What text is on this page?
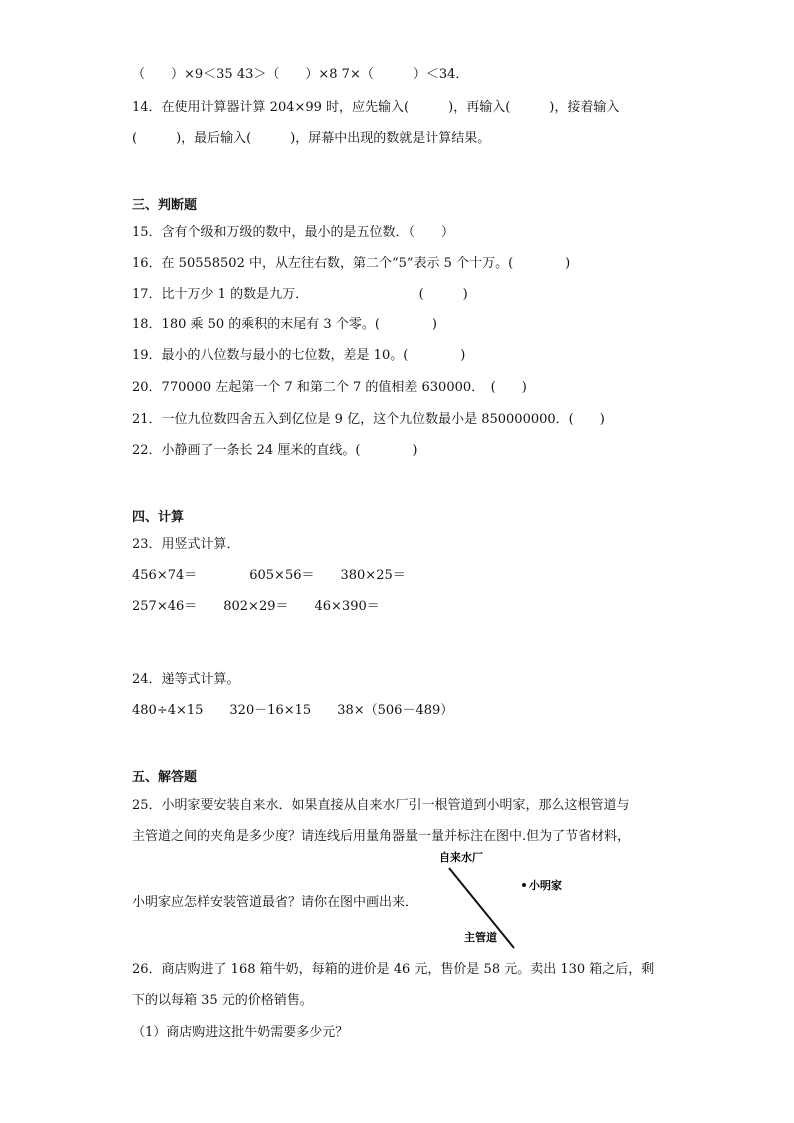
（　　）×9＜35 43＞（　　）×8 7×（　　　）＜34．
14．在使用计算器计算 204×99 时，应先输入(　　　)，再输入(　　　)，接着输入
(　　　)，最后输入(　　　)，屏幕中出现的数就是计算结果。
三、判断题
15．含有个级和万级的数中，最小的是五位数．（　　）
16．在 50558502 中，从左往右数，第二个“5”表示 5 个十万。(　　　　)
17．比十万少 1 的数是九万．　　　　　　　　　(　　　)
18．180 乘 50 的乘积的末尾有 3 个零。(　　　　)
19．最小的八位数与最小的七位数，差是 10。(　　　　)
20．770000 左起第一个 7 和第二个 7 的值相差 630000．　(　　)
21．一位九位数四舍五入到亿位是 9 亿，这个九位数最小是 850000000．(　　)
22．小静画了一条长 24 厘米的直线。(　　　　)
四、计算
23．用竖式计算．
456×74＝　　　　605×56＝　　380×25＝
257×46＝　　802×29＝　　46×390＝
24．递等式计算。
480÷4×15　　320－16×15　　38×（506－489）
五、解答题
25．小明家要安装自来水．如果直接从自来水厂引一根管道到小明家，那么这根管道与
主管道之间的夹角是多少度？请连线后用量角器量一量并标注在图中.但为了节省材料，
小明家应怎样安装管道最省？请你在图中画出来．
自来水厂
小明家
主管道
26．商店购进了 168 箱牛奶，每箱的进价是 46 元，售价是 58 元。卖出 130 箱之后，剩
下的以每箱 35 元的价格销售。
（1）商店购进这批牛奶需要多少元？
